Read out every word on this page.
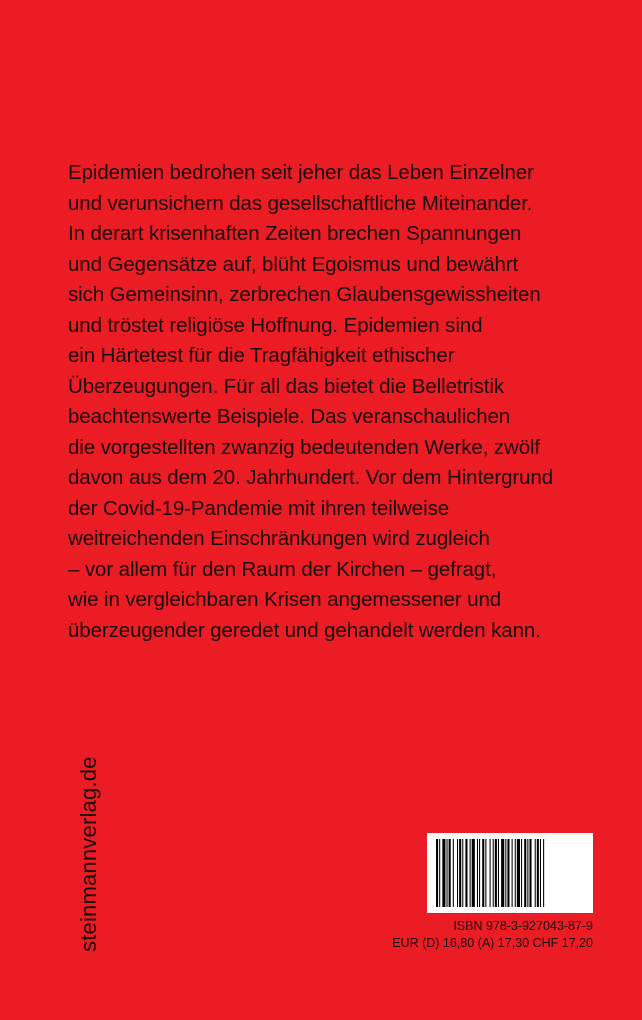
Epidemien bedrohen seit jeher das Leben Einzelner
und verunsichern das gesellschaftliche Miteinander.
In derart krisenhaften Zeiten brechen Spannungen
und Gegensätze auf, blüht Egoismus und bewährt
sich Gemeinsinn, zerbrechen Glaubensgewissheiten
und tröstet religiöse Hoffnung. Epidemien sind
ein Härtetest für die Tragfähigkeit ethischer
Überzeugungen. Für all das bietet die Belletristik
beachtenswerte Beispiele. Das veranschaulichen
die vorgestellten zwanzig bedeutenden Werke, zwölf
davon aus dem 20. Jahrhundert. Vor dem Hintergrund
der Covid-19-Pandemie mit ihren teilweise
weitreichenden Einschränkungen wird zugleich
– vor allem für den Raum der Kirchen – gefragt,
wie in vergleichbaren Krisen angemessener und
überzeugender geredet und gehandelt werden kann.
steinmannverlag.de	ISBN 978-3-927043-87-9
EUR (D) 16,80 (A) 17,30 CHF 17,20
